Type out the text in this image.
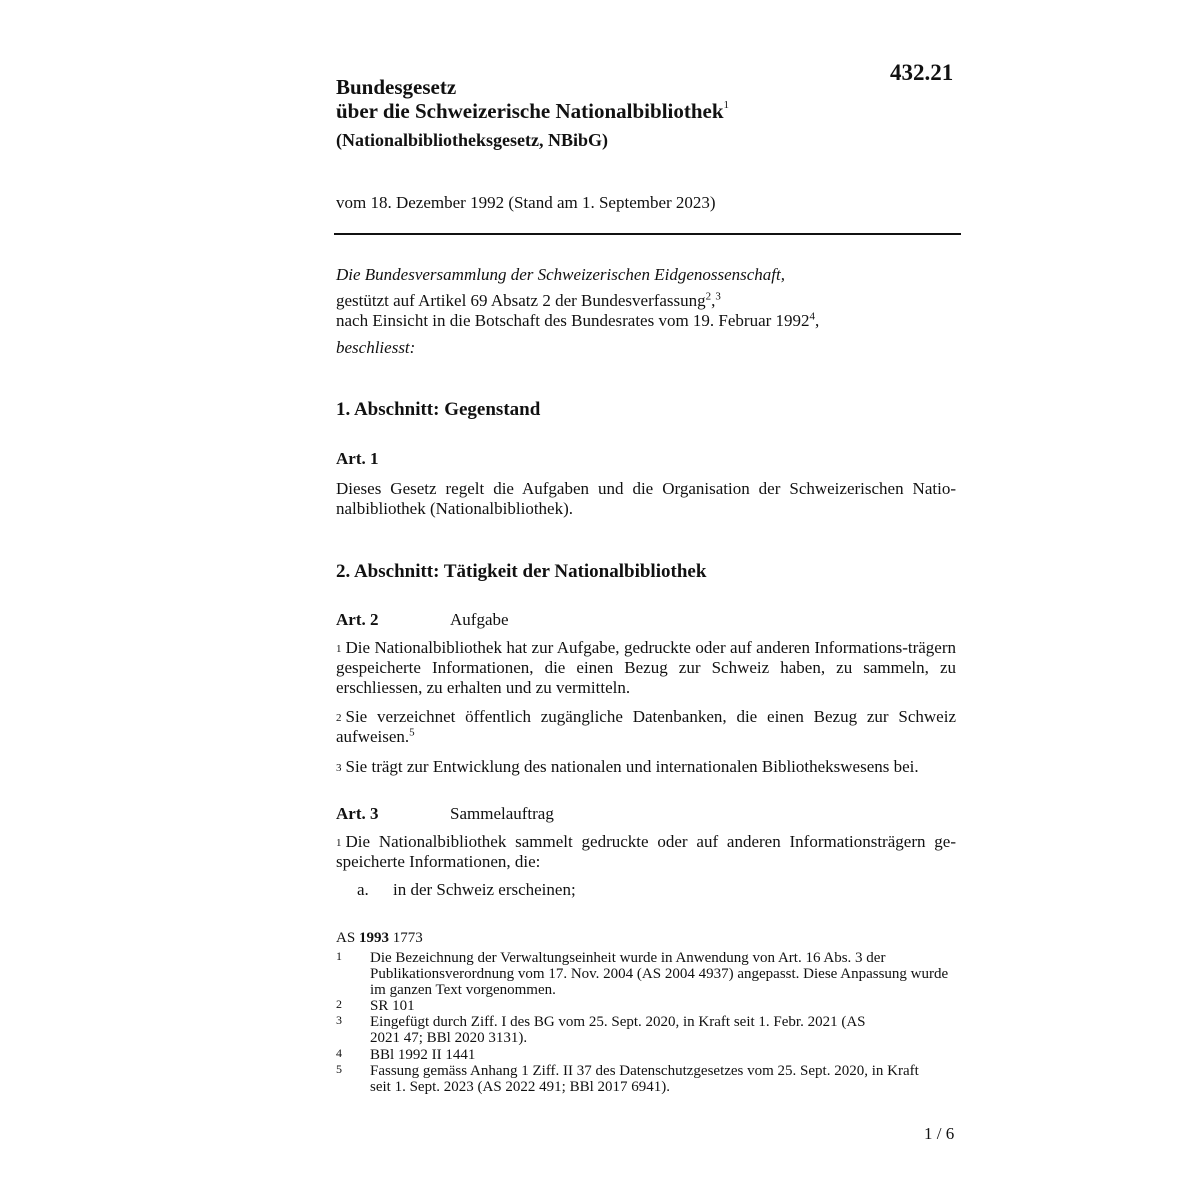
432.21
Bundesgesetz
über die Schweizerische Nationalbibliothek$^1$
(Nationalbibliotheksgesetz, NBibG)
vom 18. Dezember 1992 (Stand am 1. September 2023)
Die Bundesversammlung der Schweizerischen Eidgenossenschaft,
gestützt auf Artikel 69 Absatz 2 der Bundesverfassung$^2$,$^3$
nach Einsicht in die Botschaft des Bundesrates vom 19. Februar 1992$^4$,
beschliesst:
1. Abschnitt: Gegenstand
Art. 1
Dieses Gesetz regelt die Aufgaben und die Organisation der Schweizerischen Natio-nalbibliothek (Nationalbibliothek).
2. Abschnitt: Tätigkeit der Nationalbibliothek
Art. 2	Aufgabe
$^1$ Die Nationalbibliothek hat zur Aufgabe, gedruckte oder auf anderen Informations-trägern gespeicherte Informationen, die einen Bezug zur Schweiz haben, zu sammeln, zu erschliessen, zu erhalten und zu vermitteln.
$^2$ Sie verzeichnet öffentlich zugängliche Datenbanken, die einen Bezug zur Schweiz aufweisen.$^5$
$^3$ Sie trägt zur Entwicklung des nationalen und internationalen Bibliothekswesens bei.
Art. 3	Sammelauftrag
$^1$ Die Nationalbibliothek sammelt gedruckte oder auf anderen Informationsträgern ge-speicherte Informationen, die:
a. in der Schweiz erscheinen;
AS 1993 1773
1 Die Bezeichnung der Verwaltungseinheit wurde in Anwendung von Art. 16 Abs. 3 der Publikationsverordnung vom 17. Nov. 2004 (AS 2004 4937) angepasst. Diese Anpassung wurde im ganzen Text vorgenommen.
2 SR 101
3 Eingefügt durch Ziff. I des BG vom 25. Sept. 2020, in Kraft seit 1. Febr. 2021 (AS 2021 47; BBl 2020 3131).
4 BBl 1992 II 1441
5 Fassung gemäss Anhang 1 Ziff. II 37 des Datenschutzgesetzes vom 25. Sept. 2020, in Kraft seit 1. Sept. 2023 (AS 2022 491; BBl 2017 6941).
1 / 6
